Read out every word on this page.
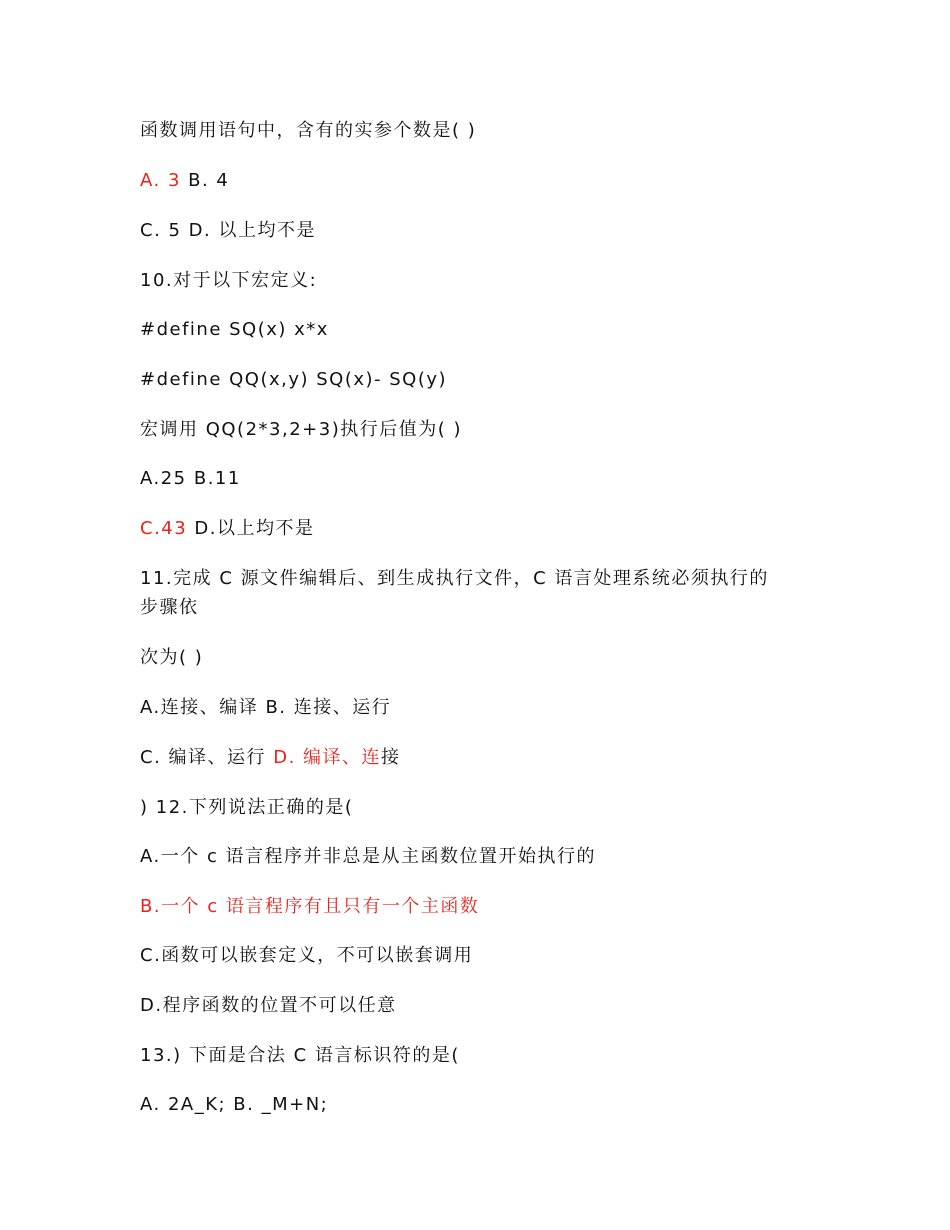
函数调用语句中，含有的实参个数是( )
A. 3 B. 4
C. 5 D. 以上均不是
10.对于以下宏定义:
#define SQ(x) x*x
#define QQ(x,y) SQ(x)- SQ(y)
宏调用 QQ(2*3,2+3)执行后值为( )
A.25 B.11
C.43 D.以上均不是
11.完成 C 源文件编辑后、到生成执行文件，C 语言处理系统必须执行的
步骤依
次为( )
A.连接、编译 B. 连接、运行
C. 编译、运行 D. 编译、连接
) 12.下列说法正确的是(
A.一个 c 语言程序并非总是从主函数位置开始执行的
B.一个 c 语言程序有且只有一个主函数
C.函数可以嵌套定义，不可以嵌套调用
D.程序函数的位置不可以任意
13.) 下面是合法 C 语言标识符的是(
A. 2A_K; B. _M+N;
